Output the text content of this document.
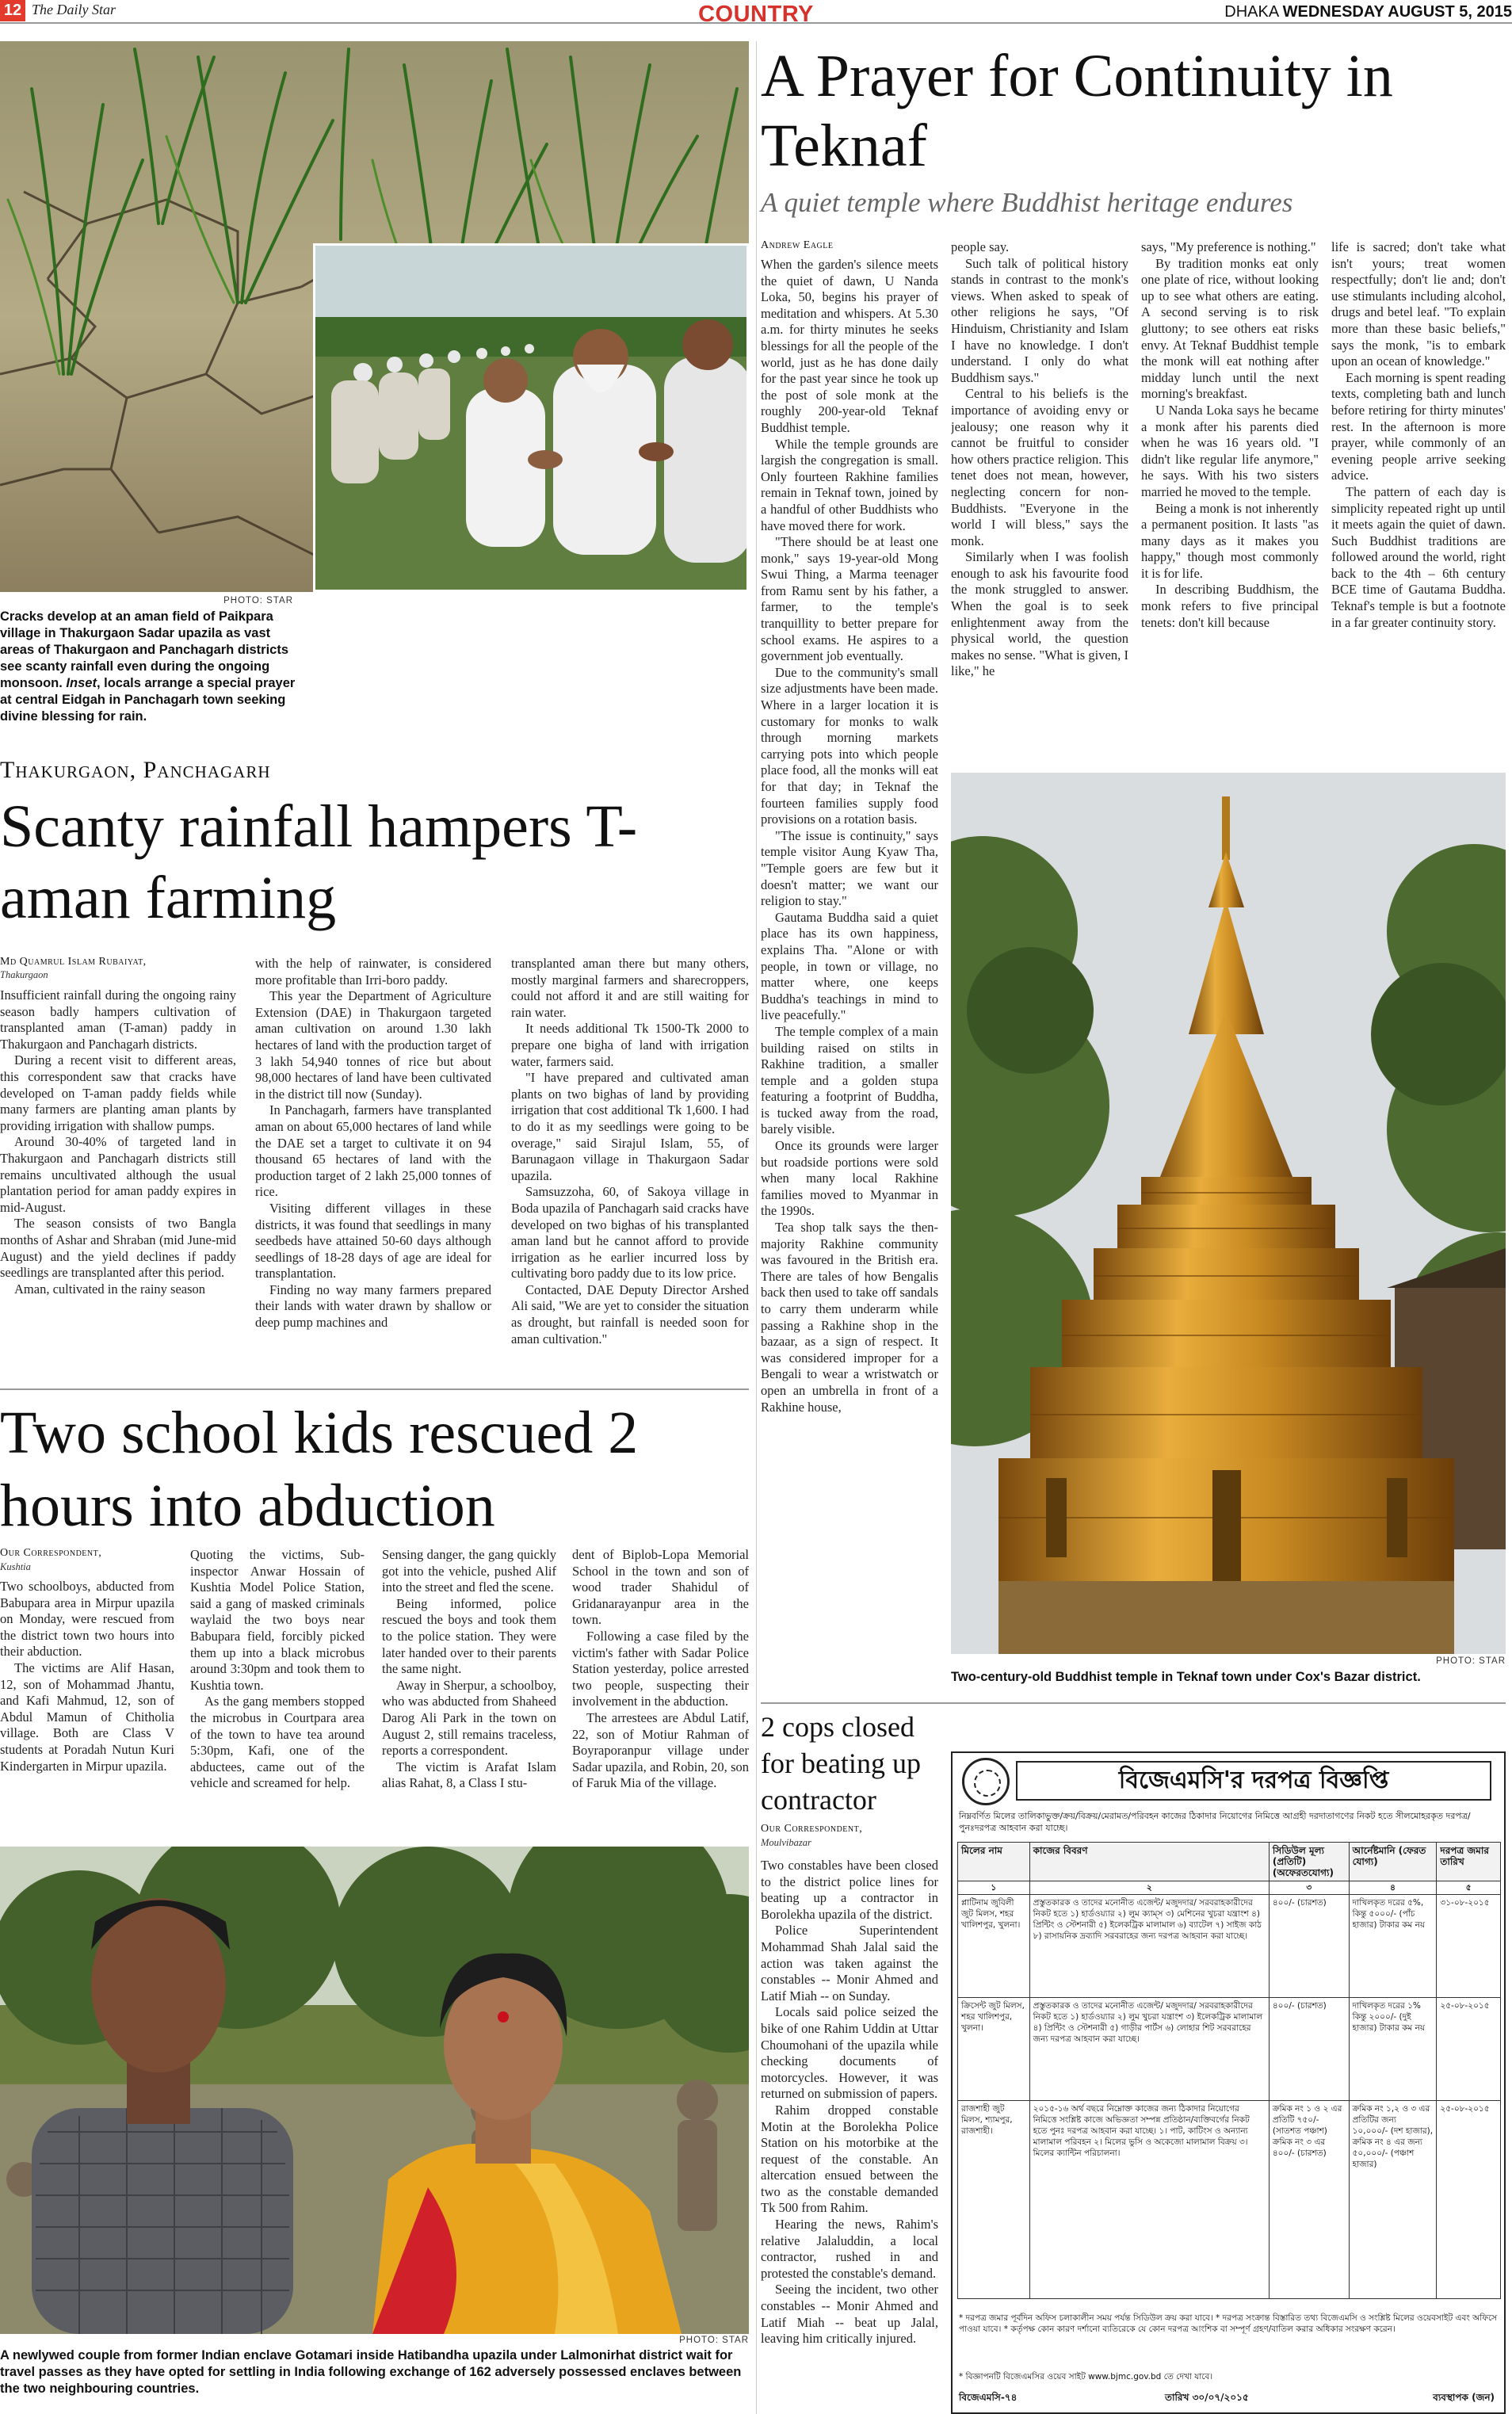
12 The Daily Star	COUNTRY	DHAKA WEDNESDAY AUGUST 5, 2015
PHOTO: STAR
Cracks develop at an aman field of Paikpara village in Thakurgaon Sadar upazila as vast areas of Thakurgaon and Panchagarh districts see scanty rainfall even during the ongoing monsoon. Inset, locals arrange a special prayer at central Eidgah in Panchagarh town seeking divine blessing for rain.
Thakurgaon, Panchagarh
Scanty rainfall hampers T-aman farming
Md Quamrul Islam Rubaiyat,
Thakurgaon

Insufficient rainfall during the ongoing rainy season badly hampers cultivation of transplanted aman (T-aman) paddy in Thakurgaon and Panchagarh districts.

During a recent visit to different areas, this correspondent saw that cracks have developed on T-aman paddy fields while many farmers are planting aman plants by providing irrigation with shallow pumps.

Around 30-40% of targeted land in Thakurgaon and Panchagarh districts still remains uncultivated although the usual plantation period for aman paddy expires in mid-August.

The season consists of two Bangla months of Ashar and Shraban (mid June-mid August) and the yield declines if paddy seedlings are transplanted after this period.

Aman, cultivated in the rainy season

with the help of rainwater, is considered more profitable than Irri-boro paddy.

This year the Department of Agriculture Extension (DAE) in Thakurgaon targeted aman cultivation on around 1.30 lakh hectares of land with the production target of 3 lakh 54,940 tonnes of rice but about 98,000 hectares of land have been cultivated in the district till now (Sunday).

In Panchagarh, farmers have transplanted aman on about 65,000 hectares of land while the DAE set a target to cultivate it on 94 thousand 65 hectares of land with the production target of 2 lakh 25,000 tonnes of rice.

Visiting different villages in these districts, it was found that seedlings in many seedbeds have attained 50-60 days although seedlings of 18-28 days of age are ideal for transplantation.

Finding no way many farmers prepared their lands with water drawn by shallow or deep pump machines and

transplanted aman there but many others, mostly marginal farmers and sharecroppers, could not afford it and are still waiting for rain water.

It needs additional Tk 1500-Tk 2000 to prepare one bigha of land with irrigation water, farmers said.

"I have prepared and cultivated aman plants on two bighas of land by providing irrigation that cost additional Tk 1,600. I had to do it as my seedlings were going to be overage," said Sirajul Islam, 55, of Barunagaon village in Thakurgaon Sadar upazila.

Samsuzzoha, 60, of Sakoya village in Boda upazila of Panchagarh said cracks have developed on two bighas of his transplanted aman land but he cannot afford to provide irrigation as he earlier incurred loss by cultivating boro paddy due to its low price.

Contacted, DAE Deputy Director Arshed Ali said, "We are yet to consider the situation as drought, but rainfall is needed soon for aman cultivation."

Two school kids rescued 2 hours into abduction
Our Correspondent,
Kushtia

Two schoolboys, abducted from Babupara area in Mirpur upazila on Monday, were rescued from the district town two hours into their abduction.

The victims are Alif Hasan, 12, son of Mohammad Jhantu, and Kafi Mahmud, 12, son of Abdul Mamun of Chitholia village. Both are Class V students at Poradah Nutun Kuri Kindergarten in Mirpur upazila.

Quoting the victims, Sub-inspector Anwar Hossain of Kushtia Model Police Station, said a gang of masked criminals waylaid the two boys near Babupara field, forcibly picked them up into a black microbus around 3:30pm and took them to Kushtia town.

As the gang members stopped the microbus in Courtpara area of the town to have tea around 5:30pm, Kafi, one of the abductees, came out of the vehicle and screamed for help.

Sensing danger, the gang quickly got into the vehicle, pushed Alif into the street and fled the scene.

Being informed, police rescued the boys and took them to the police station. They were later handed over to their parents the same night.

Away in Sherpur, a schoolboy, who was abducted from Shaheed Darog Ali Park in the town on August 2, still remains traceless, reports a correspondent.

The victim is Arafat Islam alias Rahat, 8, a Class I stu-

dent of Biplob-Lopa Memorial School in the town and son of wood trader Shahidul of Gridanarayanpur area in the town.

Following a case filed by the victim's father with Sadar Police Station yesterday, police arrested two people, suspecting their involvement in the abduction.

The arrestees are Abdul Latif, 22, son of Motiur Rahman of Boyraporanpur village under Sadar upazila, and Robin, 20, son of Faruk Mia of the village.

PHOTO: STAR
A newlywed couple from former Indian enclave Gotamari inside Hatibandha upazila under Lalmonirhat district wait for travel passes as they have opted for settling in India following exchange of 162 adversely possessed enclaves between the two neighbouring countries.
A Prayer for Continuity in Teknaf
A quiet temple where Buddhist heritage endures
Andrew Eagle

When the garden's silence meets the quiet of dawn, U Nanda Loka, 50, begins his prayer of meditation and whispers. At 5.30 a.m. for thirty minutes he seeks blessings for all the people of the world, just as he has done daily for the past year since he took up the post of sole monk at the roughly 200-year-old Teknaf Buddhist temple.

While the temple grounds are largish the congregation is small. Only fourteen Rakhine families remain in Teknaf town, joined by a handful of other Buddhists who have moved there for work.

"There should be at least one monk," says 19-year-old Mong Swui Thing, a Marma teenager from Ramu sent by his father, a farmer, to the temple's tranquillity to better prepare for school exams. He aspires to a government job eventually.

Due to the community's small size adjustments have been made. Where in a larger location it is customary for monks to walk through morning markets carrying pots into which people place food, all the monks will eat for that day; in Teknaf the fourteen families supply food provisions on a rotation basis.

"The issue is continuity," says temple visitor Aung Kyaw Tha, "Temple goers are few but it doesn't matter; we want our religion to stay."

Gautama Buddha said a quiet place has its own happiness, explains Tha. "Alone or with people, in town or village, no matter where, one keeps Buddha's teachings in mind to live peacefully."

The temple complex of a main building raised on stilts in Rakhine tradition, a smaller temple and a golden stupa featuring a footprint of Buddha, is tucked away from the road, barely visible.

Once its grounds were larger but roadside portions were sold when many local Rakhine families moved to Myanmar in the 1990s.

Tea shop talk says the then-majority Rakhine community was favoured in the British era. There are tales of how Bengalis back then used to take off sandals to carry them underarm while passing a Rakhine shop in the bazaar, as a sign of respect. It was considered improper for a Bengali to wear a wristwatch or open an umbrella in front of a Rakhine house,

people say.

Such talk of political history stands in contrast to the monk's views. When asked to speak of other religions he says, "Of Hinduism, Christianity and Islam I have no knowledge. I don't understand. I only do what Buddhism says."

Central to his beliefs is the importance of avoiding envy or jealousy; one reason why it cannot be fruitful to consider how others practice religion. This tenet does not mean, however, neglecting concern for non-Buddhists. "Everyone in the world I will bless," says the monk.

Similarly when I was foolish enough to ask his favourite food the monk struggled to answer. When the goal is to seek enlightenment away from the physical world, the question makes no sense. "What is given, I like," he

says, "My preference is nothing."

By tradition monks eat only one plate of rice, without looking up to see what others are eating. A second serving is to risk gluttony; to see others eat risks envy. At Teknaf Buddhist temple the monk will eat nothing after midday lunch until the next morning's breakfast.

U Nanda Loka says he became a monk after his parents died when he was 16 years old. "I didn't like regular life anymore," he says. With his two sisters married he moved to the temple.

Being a monk is not inherently a permanent position. It lasts "as many days as it makes you happy," though most commonly it is for life.

In describing Buddhism, the monk refers to five principal tenets: don't kill because

life is sacred; don't take what isn't yours; treat women respectfully; don't lie and; don't use stimulants including alcohol, drugs and betel leaf. "To explain more than these basic beliefs," says the monk, "is to embark upon an ocean of knowledge."

Each morning is spent reading texts, completing bath and lunch before retiring for thirty minutes' rest. In the afternoon is more prayer, while commonly of an evening people arrive seeking advice.

The pattern of each day is simplicity repeated right up until it meets again the quiet of dawn. Such Buddhist traditions are followed around the world, right back to the 4th – 6th century BCE time of Gautama Buddha. Teknaf's temple is but a footnote in a far greater continuity story.

PHOTO: STAR
Two-century-old Buddhist temple in Teknaf town under Cox's Bazar district.
2 cops closed for beating up contractor
Our Correspondent,
Moulvibazar

Two constables have been closed to the district police lines for beating up a contractor in Borolekha upazila of the district.

Police Superintendent Mohammad Shah Jalal said the action was taken against the constables -- Monir Ahmed and Latif Miah -- on Sunday.

Locals said police seized the bike of one Rahim Uddin at Uttar Choumohani of the upazila while checking documents of motorcycles. However, it was returned on submission of papers.

Rahim dropped constable Motin at the Borolekha Police Station on his motorbike at the request of the constable. An altercation ensued between the two as the constable demanded Tk 500 from Rahim.

Hearing the news, Rahim's relative Jalaluddin, a local contractor, rushed in and protested the constable's demand.

Seeing the incident, two other constables -- Monir Ahmed and Latif Miah -- beat up Jalal, leaving him critically injured.

বিজেএমসি'র দরপত্র বিজ্ঞপ্তি
নিম্নবর্ণিত মিলের তালিকাভুক্ত/ক্রয়/বিক্রয়/মেরামত/পরিবহন কাজের ঠিকাদার নিয়োগের নিমিত্তে আগ্রহী দরদাতাগণের নিকট হতে সীলমোহরকৃত দরপত্র/পুনঃদরপত্র আহবান করা যাচ্ছে।
মিলের নাম	কাজের বিবরণ	সিডিউল মূল্য (প্রতিটি) (অফেরতযোগ্য)	আর্নেষ্টমানি (ফেরত যোগ্য)	দরপত্র জমার তারিখ
১	২	৩	৪	৫
প্লাটিনাম জুবিলী জুট মিলস, শহর খালিশপুর, খুলনা।	প্রস্তুতকারক ও তাদের মনোনীত এজেন্ট/ মজুদদার/ সরবরাহকারীদের নিকট হতে ১) হার্ডওয়্যার ২) লুম ক্যাম্স ৩) মেশিনের খুচরা যন্ত্রাংশ ৪) প্রিন্টিং ও স্টেশনারী ৫) ইলেকট্রিক মালামাল ৬) ব্যাটেল ৭) সাইজ কাঠ ৮) রাসায়নিক দ্রব্যাদি সরবরাহের জন্য দরপত্র আহবান করা যাচ্ছে।	৪০০/- (চারশত)	দাখিলকৃত দরের ৫%, কিন্তু ৫০০০/- (পাঁচ হাজার) টাকার কম নয়	৩১-০৮-২০১৫
ক্রিসেন্ট জুট মিলস, শহর খালিশপুর, খুলনা।	প্রস্তুতকারক ও তাদের মনোনীত এজেন্ট/ মজুদদার/ সরবরাহকারীদের নিকট হতে ১) হার্ডওয়্যার ২) লুম খুচরা যন্ত্রাংশ ৩) ইলেকট্রিক মালামাল ৪) প্রিন্টিং ও স্টেশনারী ৫) গাড়ীর পার্টস ৬) লোহার শিট সরবরাহের জন্য দরপত্র আহবান করা যাচ্ছে।	৪০০/- (চারশত)	দাখিলকৃত দরের ১% কিন্তু ২০০০/- (দুই হাজার) টাকার কম নয়	২৫-০৮-২০১৫
রাজশাহী জুট মিলস, শ্যামপুর, রাজশাহী।	২০১৫-১৬ অর্থ বছরে নিম্নোক্ত কাজের জন্য ঠিকাদার নিয়োগের নিমিত্তে সংশ্লিষ্ট কাজে অভিজ্ঞতা সম্পন্ন প্রতিষ্ঠান/ব্যক্তিবর্গের নিকট হতে পুনঃ দরপত্র আহবান করা যাচ্ছে। ১। পাট, কাটিংস ও অন্যান্য মালামাল পরিবহন ২। মিলের ভুসি ও অকেজো মালামাল বিক্রয় ৩। মিলের ক্যান্টিন পরিচালনা।	ক্রমিক নং ১ ও ২ এর প্রতিটি ৭৫০/- (সাতশত পঞ্চাশ) ক্রমিক নং ৩ এর ৪০০/- (চারশত)	ক্রমিক নং ১,২ ও ৩ এর প্রতিটির জন্য ১০,০০০/- (দশ হাজার), ক্রমিক নং ৪ এর জন্য ৫০,০০০/- (পঞ্চাশ হাজার)	২৫-০৮-২০১৫
* দরপত্র জমার পূর্বদিন অফিস চলাকালীন সময় পর্যন্ত সিডিউল ক্রয় করা যাবে। * দরপত্র সংক্রান্ত বিস্তারিত তথ্য বিজেএমসি ও সংশ্লিষ্ট মিলের ওয়েবসাইট এবং অফিসে পাওয়া যাবে। * কর্তৃপক্ষ কোন কারণ দর্শানো ব্যতিরেকে যে কোন দরপত্র আংশিক বা সম্পূর্ণ গ্রহণ/বাতিল করার অধিকার সংরক্ষণ করেন।
* বিজ্ঞাপনটি বিজেএমসির ওয়েব সাইট www.bjmc.gov.bd তে দেখা যাবে।
বিজেএমসি-৭৪	তারিখ ৩০/০৭/২০১৫	ব্যবস্থাপক (জন)
